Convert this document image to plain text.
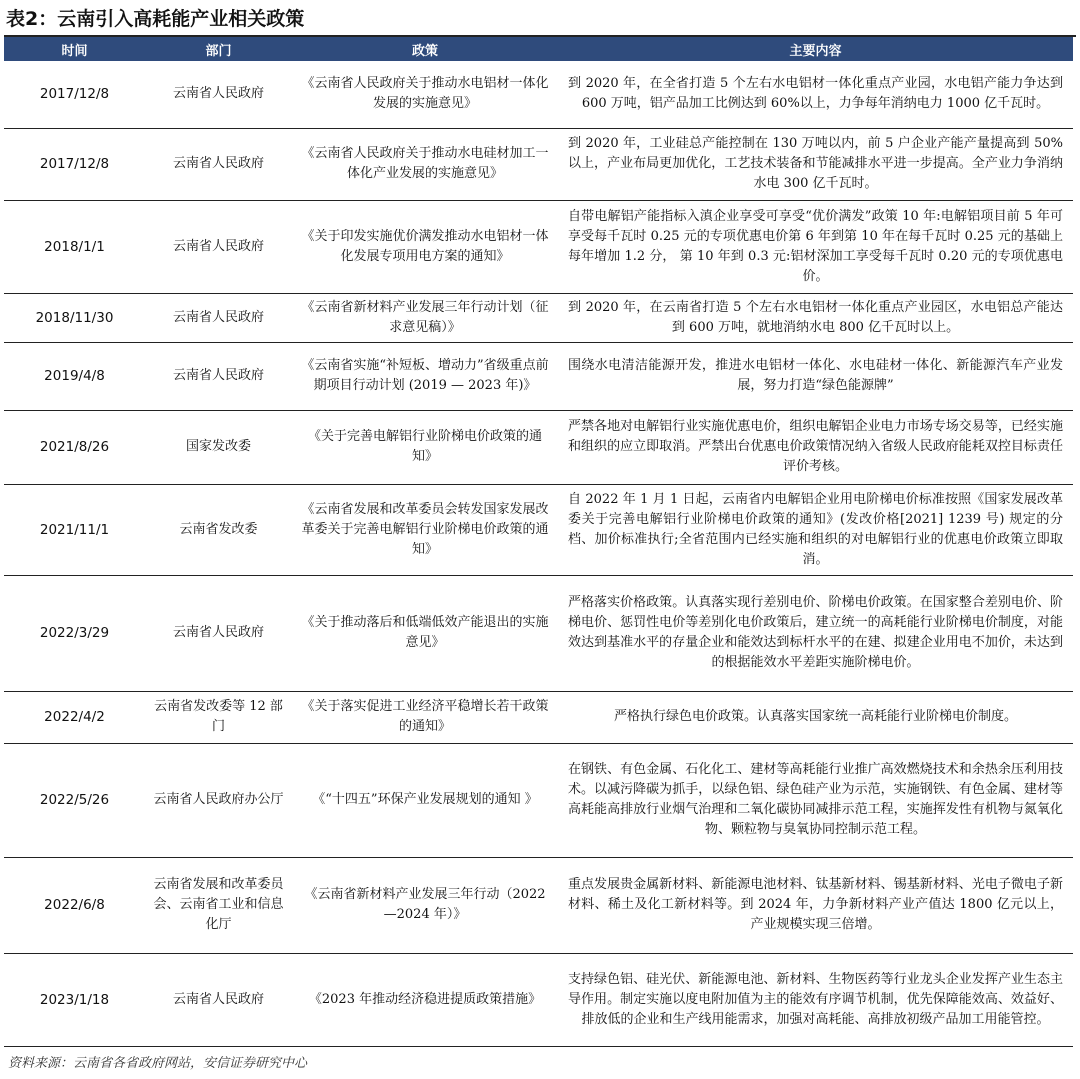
表2：云南引入高耗能产业相关政策
时间	部门	政策	主要内容
2017/12/8	云南省人民政府	《云南省人民政府关于推动水电铝材一体化发展的实施意见》	到 2020 年，在全省打造 5 个左右水电铝材一体化重点产业园，水电铝产能力争达到 600 万吨，铝产品加工比例达到 60%以上，力争每年消纳电力 1000 亿千瓦时。
2017/12/8	云南省人民政府	《云南省人民政府关于推动水电硅材加工一体化产业发展的实施意见》	到 2020 年，工业硅总产能控制在 130 万吨以内，前 5 户企业产能产量提高到 50%以上，产业布局更加优化，工艺技术装备和节能减排水平进一步提高。全产业力争消纳水电 300 亿千瓦时。
2018/1/1	云南省人民政府	《关于印发实施优价满发推动水电铝材一体化发展专项用电方案的通知》	自带电解铝产能指标入滇企业享受可享受“优价满发”政策 10 年:电解铝项目前 5 年可享受每千瓦时 0.25 元的专项优惠电价第 6 年到第 10 年在每千瓦时 0.25 元的基础上每年增加 1.2 分， 第 10 年到 0.3 元:铝材深加工享受每千瓦时 0.20 元的专项优惠电价。
2018/11/30	云南省人民政府	《云南省新材料产业发展三年行动计划（征求意见稿）》	到 2020 年，在云南省打造 5 个左右水电铝材一体化重点产业园区，水电铝总产能达到 600 万吨，就地消纳水电 800 亿千瓦时以上。
2019/4/8	云南省人民政府	《云南省实施“补短板、增动力”省级重点前期项目行动计划 (2019 — 2023 年)》	围绕水电清洁能源开发，推进水电铝材一体化、水电硅材一体化、新能源汽车产业发展，努力打造“绿色能源牌”
2021/8/26	国家发改委	《关于完善电解铝行业阶梯电价政策的通知》	严禁各地对电解铝行业实施优惠电价，组织电解铝企业电力市场专场交易等，已经实施和组织的应立即取消。严禁出台优惠电价政策情况纳入省级人民政府能耗双控目标责任评价考核。
2021/11/1	云南省发改委	《云南省发展和改革委员会转发国家发展改革委关于完善电解铝行业阶梯电价政策的通知》	自 2022 年 1 月 1 日起，云南省内电解铝企业用电阶梯电价标准按照《国家发展改革委关于完善电解铝行业阶梯电价政策的通知》(发改价格[2021] 1239 号) 规定的分档、加价标准执行;全省范围内已经实施和组织的对电解铝行业的优惠电价政策立即取消。
2022/3/29	云南省人民政府	《关于推动落后和低端低效产能退出的实施意见》	严格落实价格政策。认真落实现行差别电价、阶梯电价政策。在国家整合差别电价、阶梯电价、惩罚性电价等差别化电价政策后，建立统一的高耗能行业阶梯电价制度，对能效达到基准水平的存量企业和能效达到标杆水平的在建、拟建企业用电不加价，未达到的根据能效水平差距实施阶梯电价。
2022/4/2	云南省发改委等 12 部门	《关于落实促进工业经济平稳增长若干政策的通知》	严格执行绿色电价政策。认真落实国家统一高耗能行业阶梯电价制度。
2022/5/26	云南省人民政府办公厅	《“十四五”环保产业发展规划的通知 》	在钢铁、有色金属、石化化工、建材等高耗能行业推广高效燃烧技术和余热余压利用技术。以减污降碳为抓手，以绿色铝、绿色硅产业为示范，实施钢铁、有色金属、建材等高耗能高排放行业烟气治理和二氧化碳协同减排示范工程，实施挥发性有机物与氮氧化物、颗粒物与臭氧协同控制示范工程。
2022/6/8	云南省发展和改革委员会、云南省工业和信息化厅	《云南省新材料产业发展三年行动（2022—2024 年）》	重点发展贵金属新材料、新能源电池材料、钛基新材料、锡基新材料、光电子微电子新材料、稀土及化工新材料等。到 2024 年，力争新材料产业产值达 1800 亿元以上，产业规模实现三倍增。
2023/1/18	云南省人民政府	《2023 年推动经济稳进提质政策措施》	支持绿色铝、硅光伏、新能源电池、新材料、生物医药等行业龙头企业发挥产业生态主导作用。制定实施以度电附加值为主的能效有序调节机制，优先保障能效高、效益好、排放低的企业和生产线用能需求，加强对高耗能、高排放初级产品加工用能管控。
资料来源：云南省各省政府网站，安信证券研究中心
